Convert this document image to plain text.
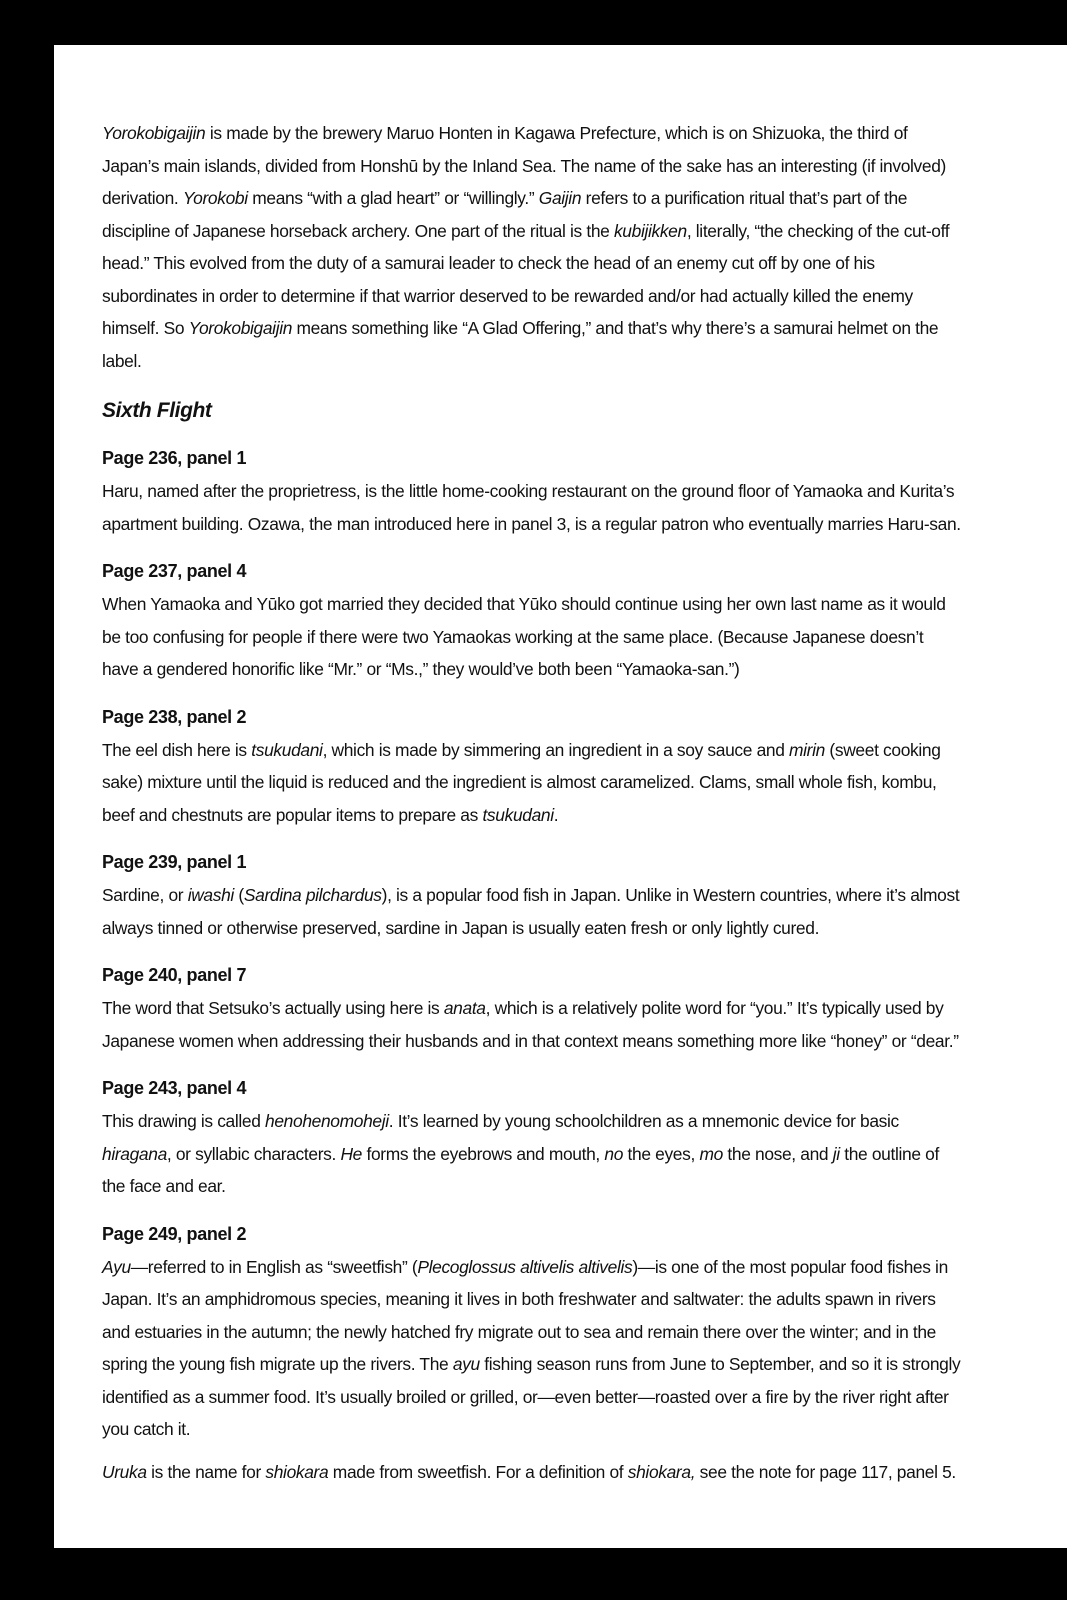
Yorokobigaijin is made by the brewery Maruo Honten in Kagawa Prefecture, which is on Shizuoka, the third of Japan’s main islands, divided from Honshū by the Inland Sea. The name of the sake has an interesting (if involved) derivation. Yorokobi means “with a glad heart” or “willingly.” Gaijin refers to a purification ritual that’s part of the discipline of Japanese horseback archery. One part of the ritual is the kubijikken, literally, “the checking of the cut-off head.” This evolved from the duty of a samurai leader to check the head of an enemy cut off by one of his subordinates in order to determine if that warrior deserved to be rewarded and/or had actually killed the enemy himself. So Yorokobigaijin means something like “A Glad Offering,” and that’s why there’s a samurai helmet on the label.

Sixth Flight
Page 236, panel 1

Haru, named after the proprietress, is the little home-cooking restaurant on the ground floor of Yamaoka and Kurita’s apartment building. Ozawa, the man introduced here in panel 3, is a regular patron who eventually marries Haru-san.

Page 237, panel 4

When Yamaoka and Yūko got married they decided that Yūko should continue using her own last name as it would be too confusing for people if there were two Yamaokas working at the same place. (Because Japanese doesn’t have a gendered honorific like “Mr.” or “Ms.,” they would’ve both been “Yamaoka-san.”)

Page 238, panel 2

The eel dish here is tsukudani, which is made by simmering an ingredient in a soy sauce and mirin (sweet cooking sake) mixture until the liquid is reduced and the ingredient is almost caramelized. Clams, small whole fish, kombu, beef and chestnuts are popular items to prepare as tsukudani.

Page 239, panel 1

Sardine, or iwashi (Sardina pilchardus), is a popular food fish in Japan. Unlike in Western countries, where it’s almost always tinned or otherwise preserved, sardine in Japan is usually eaten fresh or only lightly cured.

Page 240, panel 7

The word that Setsuko’s actually using here is anata, which is a relatively polite word for “you.” It’s typically used by Japanese women when addressing their husbands and in that context means something more like “honey” or “dear.”

Page 243, panel 4

This drawing is called henohenomoheji. It’s learned by young schoolchildren as a mnemonic device for basic hiragana, or syllabic characters. He forms the eyebrows and mouth, no the eyes, mo the nose, and ji the outline of the face and ear.

Page 249, panel 2

Ayu—referred to in English as “sweetfish” (Plecoglossus altivelis altivelis)—is one of the most popular food fishes in Japan. It’s an amphidromous species, meaning it lives in both freshwater and saltwater: the adults spawn in rivers and estuaries in the autumn; the newly hatched fry migrate out to sea and remain there over the winter; and in the spring the young fish migrate up the rivers. The ayu fishing season runs from June to September, and so it is strongly identified as a summer food. It’s usually broiled or grilled, or—even better—roasted over a fire by the river right after you catch it.

Uruka is the name for shiokara made from sweetfish. For a definition of shiokara, see the note for page 117, panel 5.
